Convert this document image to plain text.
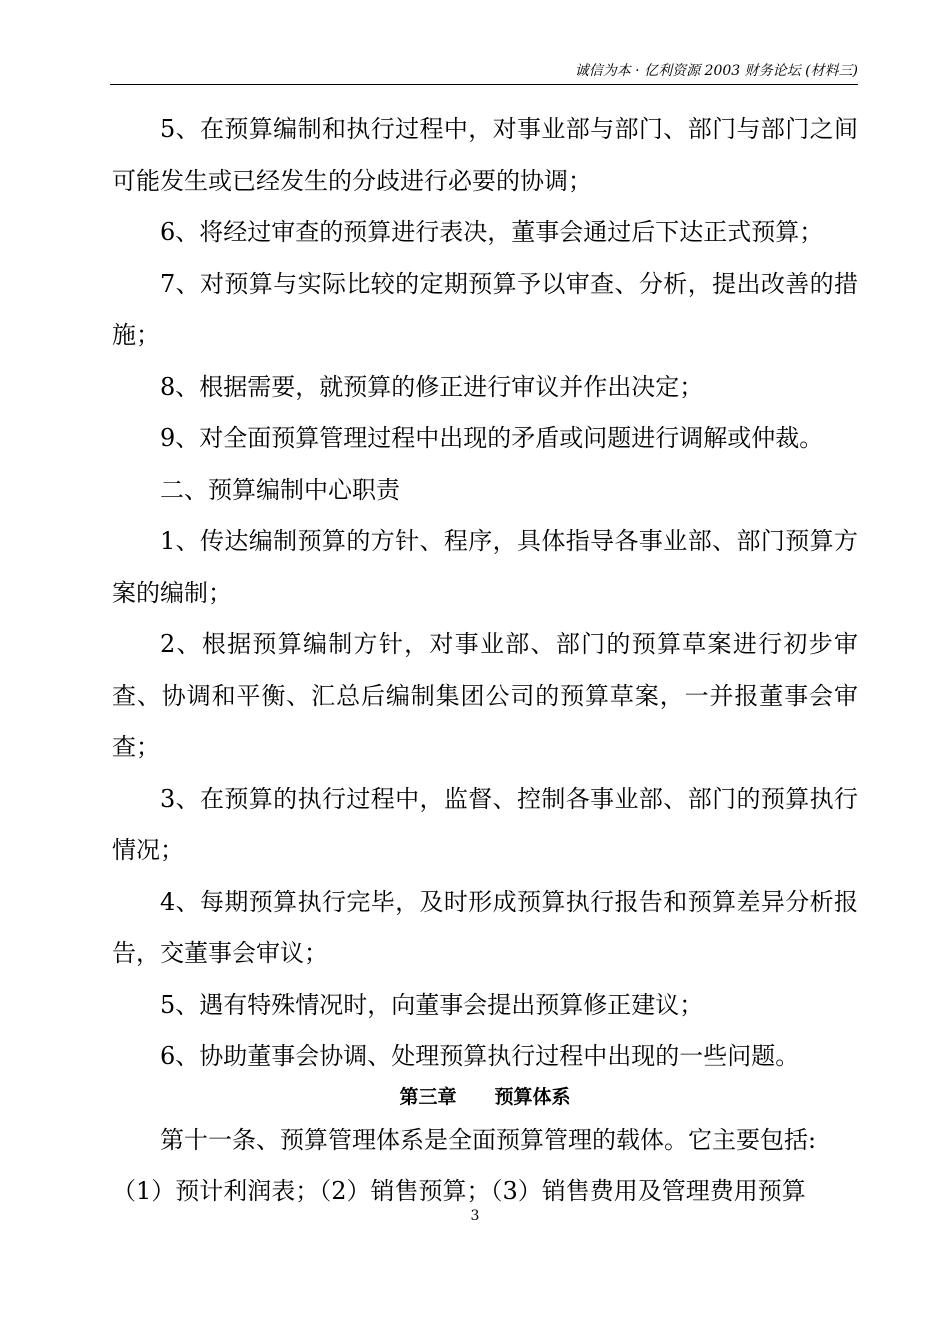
诚信为本 · 亿利资源 2003 财务论坛 (材料三)

5、在预算编制和执行过程中，对事业部与部门、部门与部门之间可能发生或已经发生的分歧进行必要的协调；

6、将经过审查的预算进行表决，董事会通过后下达正式预算；

7、对预算与实际比较的定期预算予以审查、分析，提出改善的措施；

8、根据需要，就预算的修正进行审议并作出决定；

9、对全面预算管理过程中出现的矛盾或问题进行调解或仲裁。

二、预算编制中心职责

1、传达编制预算的方针、程序，具体指导各事业部、部门预算方案的编制；

2、根据预算编制方针，对事业部、部门的预算草案进行初步审查、协调和平衡、汇总后编制集团公司的预算草案，一并报董事会审查；

3、在预算的执行过程中，监督、控制各事业部、部门的预算执行情况；

4、每期预算执行完毕，及时形成预算执行报告和预算差异分析报告，交董事会审议；

5、遇有特殊情况时，向董事会提出预算修正建议；

6、协助董事会协调、处理预算执行过程中出现的一些问题。

第三章 预算体系

第十一条、预算管理体系是全面预算管理的载体。它主要包括:

（1）预计利润表；（2）销售预算；（3）销售费用及管理费用预算

3
